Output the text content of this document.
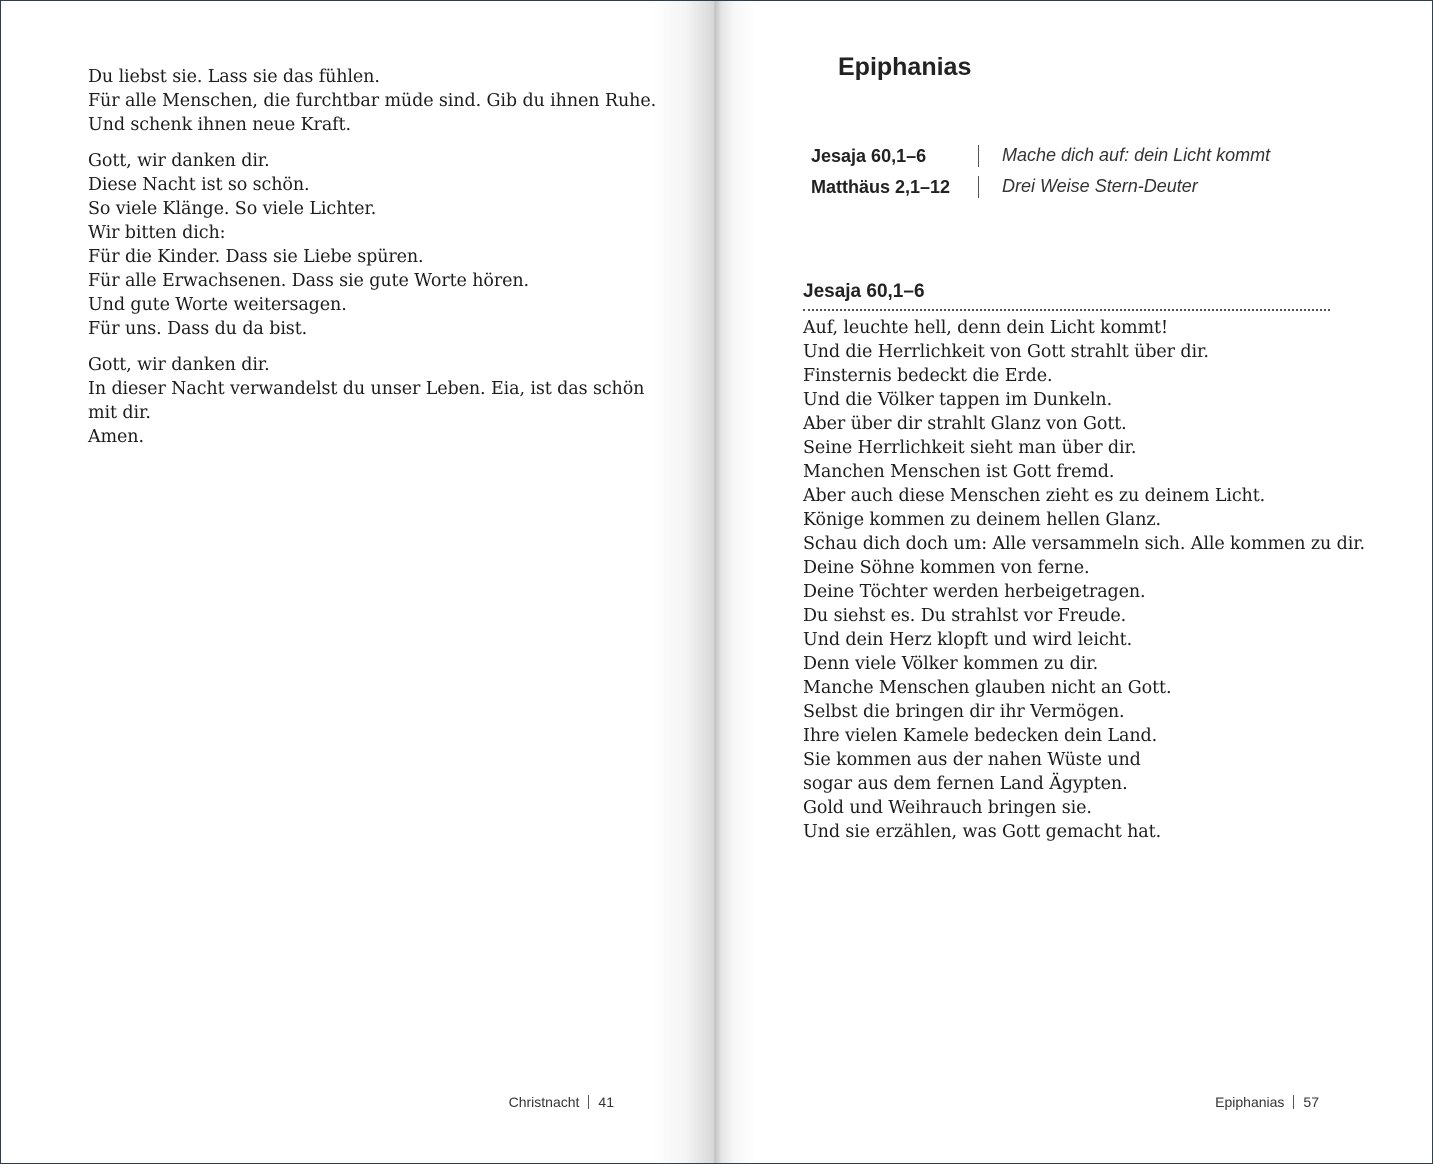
Du liebst sie. Lass sie das fühlen.
Für alle Menschen, die furchtbar müde sind. Gib du ihnen Ruhe.
Und schenk ihnen neue Kraft.
Gott, wir danken dir.
Diese Nacht ist so schön.
So viele Klänge. So viele Lichter.
Wir bitten dich:
Für die Kinder. Dass sie Liebe spüren.
Für alle Erwachsenen. Dass sie gute Worte hören.
Und gute Worte weitersagen.
Für uns. Dass du da bist.
Gott, wir danken dir.
In dieser Nacht verwandelst du unser Leben. Eia, ist das schön
mit dir.
Amen.
Christnacht 41
Epiphanias
Jesaja 60,1–6	Mache dich auf: dein Licht kommt
Matthäus 2,1–12	Drei Weise Stern-Deuter
Jesaja 60,1–6
Auf, leuchte hell, denn dein Licht kommt!
Und die Herrlichkeit von Gott strahlt über dir.
Finsternis bedeckt die Erde.
Und die Völker tappen im Dunkeln.
Aber über dir strahlt Glanz von Gott.
Seine Herrlichkeit sieht man über dir.
Manchen Menschen ist Gott fremd.
Aber auch diese Menschen zieht es zu deinem Licht.
Könige kommen zu deinem hellen Glanz.
Schau dich doch um: Alle versammeln sich. Alle kommen zu dir.
Deine Söhne kommen von ferne.
Deine Töchter werden herbeigetragen.
Du siehst es. Du strahlst vor Freude.
Und dein Herz klopft und wird leicht.
Denn viele Völker kommen zu dir.
Manche Menschen glauben nicht an Gott.
Selbst die bringen dir ihr Vermögen.
Ihre vielen Kamele bedecken dein Land.
Sie kommen aus der nahen Wüste und
sogar aus dem fernen Land Ägypten.
Gold und Weihrauch bringen sie.
Und sie erzählen, was Gott gemacht hat.
Epiphanias 57
